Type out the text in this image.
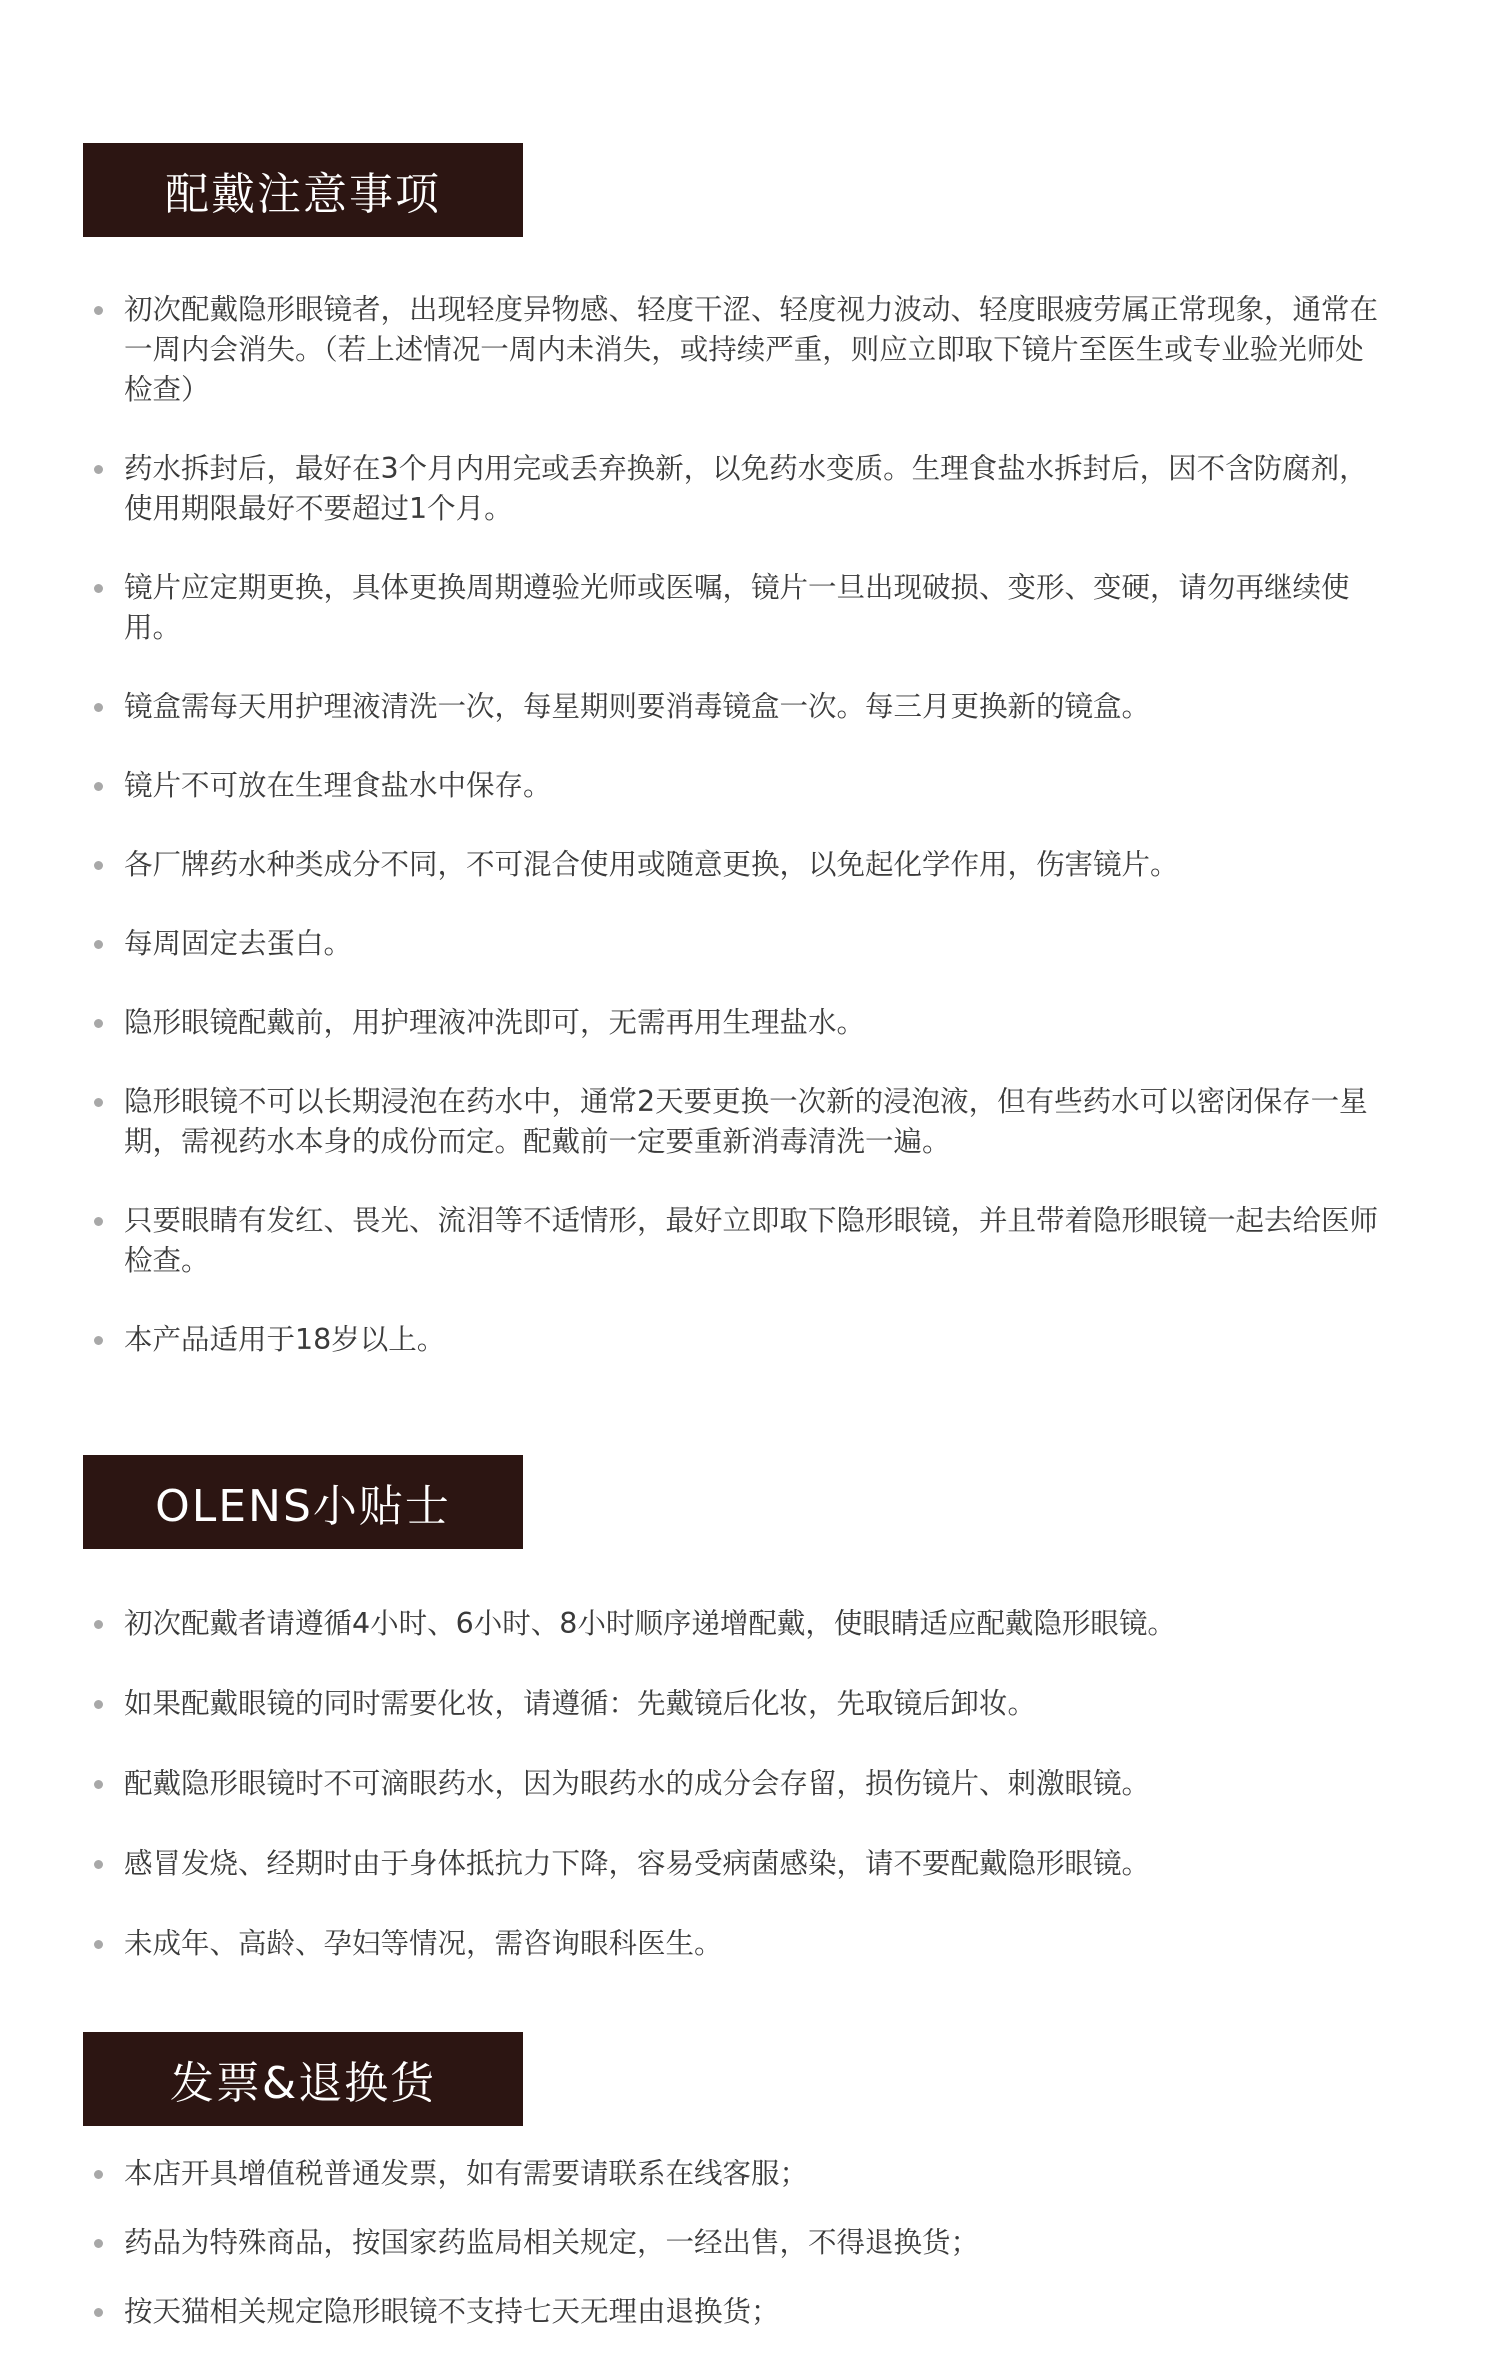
配戴注意事项
初次配戴隐形眼镜者，出现轻度异物感、轻度干涩、轻度视力波动、轻度眼疲劳属正常现象，通常在一周内会消失。（若上述情况一周内未消失，或持续严重，则应立即取下镜片至医生或专业验光师处检查）
药水拆封后，最好在3个月内用完或丢弃换新，以免药水变质。生理食盐水拆封后，因不含防腐剂，使用期限最好不要超过1个月。
镜片应定期更换，具体更换周期遵验光师或医嘱，镜片一旦出现破损、变形、变硬，请勿再继续使用。
镜盒需每天用护理液清洗一次，每星期则要消毒镜盒一次。每三月更换新的镜盒。
镜片不可放在生理食盐水中保存。
各厂牌药水种类成分不同，不可混合使用或随意更换，以免起化学作用，伤害镜片。
每周固定去蛋白。
隐形眼镜配戴前，用护理液冲洗即可，无需再用生理盐水。
隐形眼镜不可以长期浸泡在药水中，通常2天要更换一次新的浸泡液，但有些药水可以密闭保存一星期，需视药水本身的成份而定。配戴前一定要重新消毒清洗一遍。
只要眼睛有发红、畏光、流泪等不适情形，最好立即取下隐形眼镜，并且带着隐形眼镜一起去给医师检查。
本产品适用于18岁以上。
OLENS小贴士
初次配戴者请遵循4小时、6小时、8小时顺序递增配戴，使眼睛适应配戴隐形眼镜。
如果配戴眼镜的同时需要化妆，请遵循：先戴镜后化妆，先取镜后卸妆。
配戴隐形眼镜时不可滴眼药水，因为眼药水的成分会存留，损伤镜片、刺激眼镜。
感冒发烧、经期时由于身体抵抗力下降，容易受病菌感染，请不要配戴隐形眼镜。
未成年、高龄、孕妇等情况，需咨询眼科医生。
发票&退换货
本店开具增值税普通发票，如有需要请联系在线客服；
药品为特殊商品，按国家药监局相关规定，一经出售，不得退换货；
按天猫相关规定隐形眼镜不支持七天无理由退换货；
